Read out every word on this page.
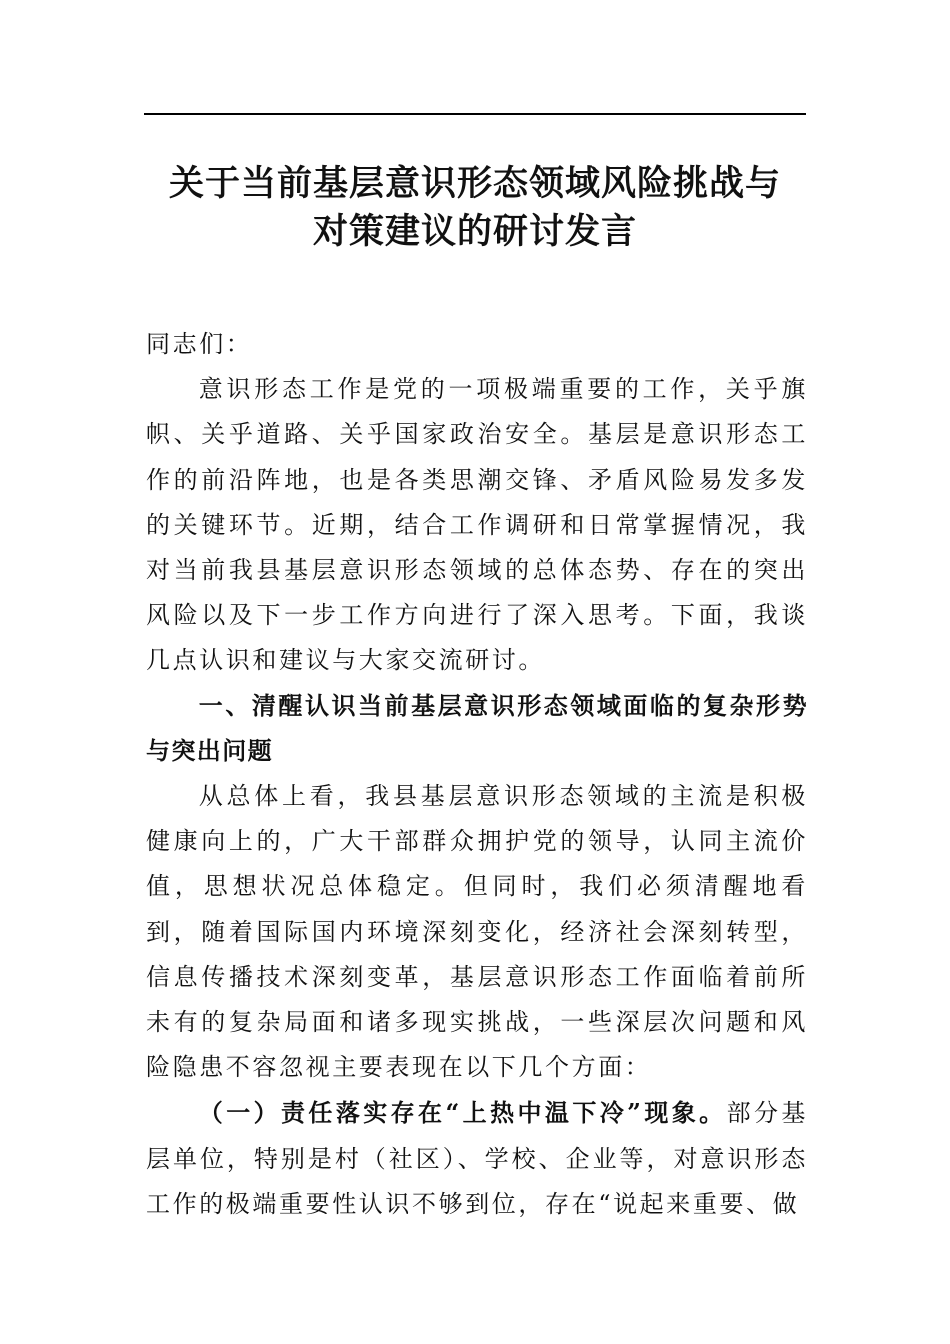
关于当前基层意识形态领域风险挑战与
对策建议的研讨发言

同志们：

意识形态工作是党的一项极端重要的工作，关乎旗帜、关乎道路、关乎国家政治安全。基层是意识形态工作的前沿阵地，也是各类思潮交锋、矛盾风险易发多发的关键环节。近期，结合工作调研和日常掌握情况，我对当前我县基层意识形态领域的总体态势、存在的突出风险以及下一步工作方向进行了深入思考。下面，我谈几点认识和建议与大家交流研讨。

一、清醒认识当前基层意识形态领域面临的复杂形势与突出问题

从总体上看，我县基层意识形态领域的主流是积极健康向上的，广大干部群众拥护党的领导，认同主流价值，思想状况总体稳定。但同时，我们必须清醒地看到，随着国际国内环境深刻变化，经济社会深刻转型，信息传播技术深刻变革，基层意识形态工作面临着前所未有的复杂局面和诸多现实挑战，一些深层次问题和风险隐患不容忽视主要表现在以下几个方面：

（一）责任落实存在“上热中温下冷”现象。部分基层单位，特别是村（社区）、学校、企业等，对意识形态工作的极端重要性认识不够到位，存在“说起来重要、做
